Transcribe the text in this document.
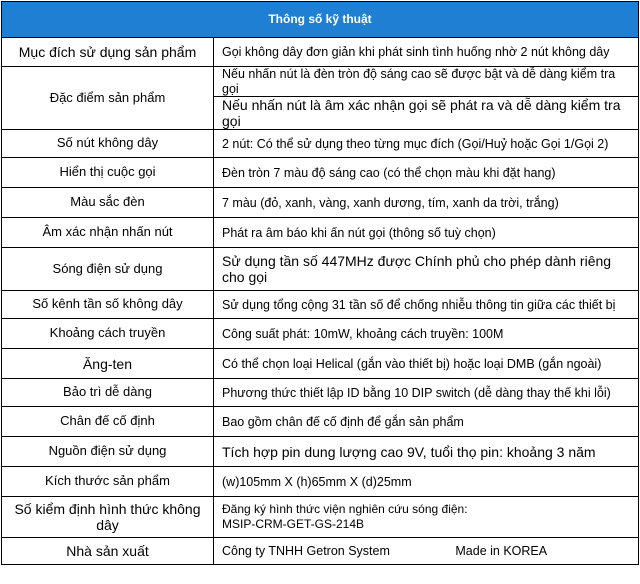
Thông số kỹ thuật	
Mục đích sử dụng sản phẩm	Gọi không dây đơn giản khi phát sinh tình huống nhờ 2 nút không dây
Đặc điểm sản phẩm	Nếu nhấn nút là đèn tròn độ sáng cao sẽ được bật và dễ dàng kiểm tra gọi
	Nếu nhấn nút là âm xác nhận gọi sẽ phát ra và dễ dàng kiểm tra gọi
Số nút không dây	2 nút: Có thể sử dụng theo từng mục đích (Gọi/Huỷ hoặc Gọi 1/Gọi 2)
Hiển thị cuộc gọi	Đèn tròn 7 màu độ sáng cao (có thể chọn màu khi đặt hang)
Màu sắc đèn	7 màu (đỏ, xanh, vàng, xanh dương, tím, xanh da trời, trắng)
Âm xác nhận nhấn nút	Phát ra âm báo khi ấn nút gọi (thông số tuỳ chọn)
Sóng điện sử dụng	Sử dụng tần số 447MHz được Chính phủ cho phép dành riêng cho gọi
Số kênh tần số không dây	Sử dụng tổng cộng 31 tần số để chống nhiễu thông tin giữa các thiết bị
Khoảng cách truyền	Công suất phát: 10mW, khoảng cách truyền: 100M
Ăng-ten	Có thể chọn loại Helical (gắn vào thiết bị) hoặc loại DMB (gắn ngoài)
Bảo trì dễ dàng	Phương thức thiết lập ID bằng 10 DIP switch (dễ dàng thay thế khi lỗi)
Chân đế cố định	Bao gồm chân đế cố định để gắn sản phẩm
Nguồn điện sử dụng	Tích hợp pin dung lượng cao 9V, tuổi thọ pin: khoảng 3 năm
Kích thước sản phẩm	(w)105mm X (h)65mm X (d)25mm
Số kiểm định hình thức không dây	Đăng ký hình thức viện nghiên cứu sóng điện:
MSIP-CRM-GET-GS-214B

Nhà sản xuất	Công ty TNHH Getron System Made in KOREA
